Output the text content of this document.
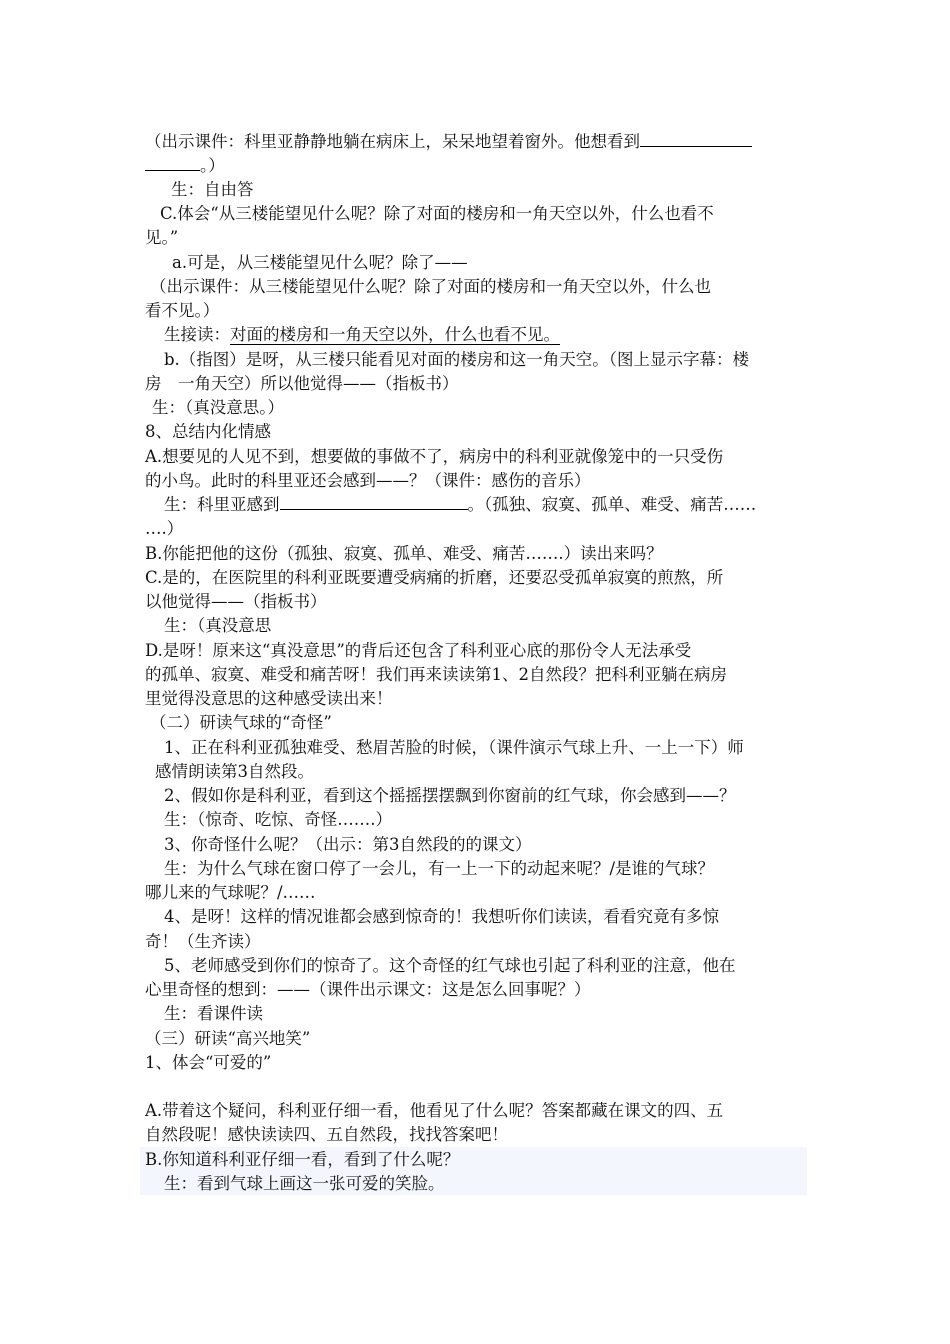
（出示课件：科里亚静静地躺在病床上，呆呆地望着窗外。他想看到
。）
生：自由答
C.体会“从三楼能望见什么呢？除了对面的楼房和一角天空以外，什么也看不
见。”
a.可是，从三楼能望见什么呢？除了——
（出示课件：从三楼能望见什么呢？除了对面的楼房和一角天空以外，什么也
看不见。）
生接读：对面的楼房和一角天空以外，什么也看不见。
b.（指图）是呀，从三楼只能看见对面的楼房和这一角天空。（图上显示字幕：楼
房　一角天空）所以他觉得——（指板书）
生：（真没意思。）
8、总结内化情感
A.想要见的人见不到，想要做的事做不了，病房中的科利亚就像笼中的一只受伤
的小鸟。此时的科里亚还会感到——？（课件：感伤的音乐）
生：科里亚感到	。（孤独、寂寞、孤单、难受、痛苦……
….）
B.你能把他的这份（孤独、寂寞、孤单、难受、痛苦…….）读出来吗？
C.是的，在医院里的科利亚既要遭受病痛的折磨，还要忍受孤单寂寞的煎熬，所
以他觉得——（指板书）
生：（真没意思
D.是呀！原来这“真没意思”的背后还包含了科利亚心底的那份令人无法承受
的孤单、寂寞、难受和痛苦呀！我们再来读读第1、2自然段？把科利亚躺在病房
里觉得没意思的这种感受读出来！
（二）研读气球的“奇怪”
1、正在科利亚孤独难受、愁眉苦脸的时候，（课件演示气球上升、一上一下）师
感情朗读第3自然段。
2、假如你是科利亚，看到这个摇摇摆摆飘到你窗前的红气球，你会感到——？
生：（惊奇、吃惊、奇怪…….）
3、你奇怪什么呢？（出示：第3自然段的的课文）
生：为什么气球在窗口停了一会儿，有一上一下的动起来呢？/是谁的气球？
哪儿来的气球呢？/……
4、是呀！这样的情况谁都会感到惊奇的！我想听你们读读，看看究竟有多惊
奇！（生齐读）
5、老师感受到你们的惊奇了。这个奇怪的红气球也引起了科利亚的注意，他在
心里奇怪的想到：——（课件出示课文：这是怎么回事呢？）
生：看课件读
（三）研读“高兴地笑”
1、体会“可爱的”
A.带着这个疑问，科利亚仔细一看，他看见了什么呢？答案都藏在课文的四、五
自然段呢！感快读读四、五自然段，找找答案吧！
B.你知道科利亚仔细一看，看到了什么呢？
生：看到气球上画这一张可爱的笑脸。
